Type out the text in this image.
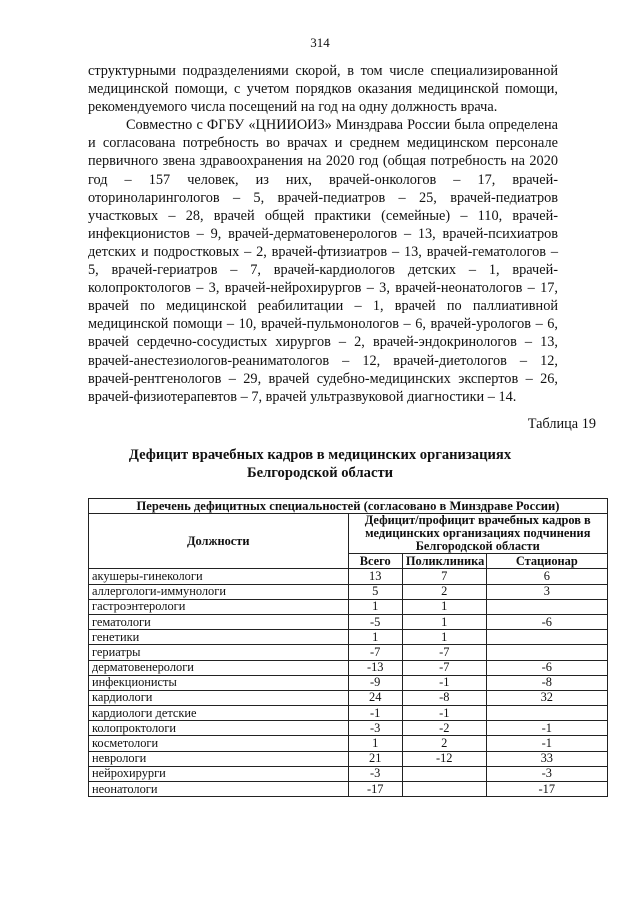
314

структурными подразделениями скорой, в том числе специализированной медицинской помощи, с учетом порядков оказания медицинской помощи, рекомендуемого числа посещений на год на одну должность врача.

Совместно с ФГБУ «ЦНИИОИЗ» Минздрава России была определена и согласована потребность во врачах и среднем медицинском персонале первичного звена здравоохранения на 2020 год (общая потребность на 2020 год – 157 человек, из них, врачей-онкологов – 17, врачей-оториноларингологов – 5, врачей-педиатров – 25, врачей-педиатров участковых – 28, врачей общей практики (семейные) – 110, врачей-инфекционистов – 9, врачей-дерматовенерологов – 13, врачей-психиатров детских и подростковых – 2, врачей-фтизиатров – 13, врачей-гематологов – 5, врачей-гериатров – 7, врачей-кардиологов детских – 1, врачей-колопроктологов – 3, врачей-нейрохирургов – 3, врачей-неонатологов – 17, врачей по медицинской реабилитации – 1, врачей по паллиативной медицинской помощи – 10, врачей-пульмонологов – 6, врачей-урологов – 6, врачей сердечно-сосудистых хирургов – 2, врачей-эндокринологов – 13, врачей-анестезиологов-реаниматологов – 12, врачей-диетологов – 12, врачей-рентгенологов – 29, врачей судебно-медицинских экспертов – 26, врачей-физиотерапевтов – 7, врачей ультразвуковой диагностики – 14.

Таблица 19
Дефицит врачебных кадров в медицинских организациях
Белгородской области
Перечень дефицитных специальностей (согласовано в Минздраве России)			
Должности	Дефицит/профицит врачебных кадров в медицинских организациях подчинения Белгородской области		
	Всего	Поликлиника	Стационар
акушеры-гинекологи	13	7	6
аллергологи-иммунологи	5	2	3
гастроэнтерологи	1	1	
гематологи	-5	1	-6
генетики	1	1	
гериатры	-7	-7	
дерматовенерологи	-13	-7	-6
инфекционисты	-9	-1	-8
кардиологи	24	-8	32
кардиологи детские	-1	-1	
колопроктологи	-3	-2	-1
косметологи	1	2	-1
неврологи	21	-12	33
нейрохирурги	-3		-3
неонатологи	-17		-17
